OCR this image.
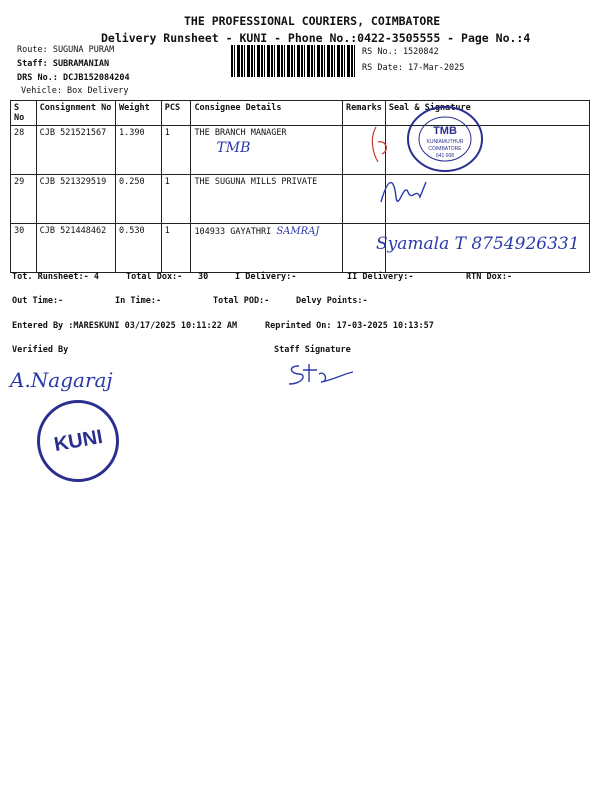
THE PROFESSIONAL COURIERS, COIMBATORE
Delivery Runsheet - KUNI - Phone No.:0422-3505555 - Page No.:4
Route: SUGUNA PURAM
Staff: SUBRAMANIAN
DRS No.: DCJB152084204
Vehicle: Box Delivery
RS No.: 1520842
RS Date: 17-Mar-2025
S No	Consignment No	Weight	PCS	Consignee Details	Remarks	Seal & Signature
28	CJB 521521567	1.390	1	THE BRANCH MANAGER
TMB		

29	CJB 521329519	0.250	1	THE SUGUNA MILLS PRIVATE		
30	CJB 521448462	0.530	1	104933 GAYATHRI SAMRAJ		
TMB
KUNIAMUTHUR
COIMBATORE
641 008
Syamala T 8754926331
Tot. Runsheet:- 4	Total Dox:- 30	I Delivery:-	II Delivery:-	RTN Dox:-
Out Time:-	In Time:-	Total POD:-	Delvy Points:-
Entered By :MARESKUNI 03/17/2025 10:11:22 AM	Reprinted On: 17-03-2025 10:13:57
Verified By	Staff Signature
A.Nagaraj
KUNI
